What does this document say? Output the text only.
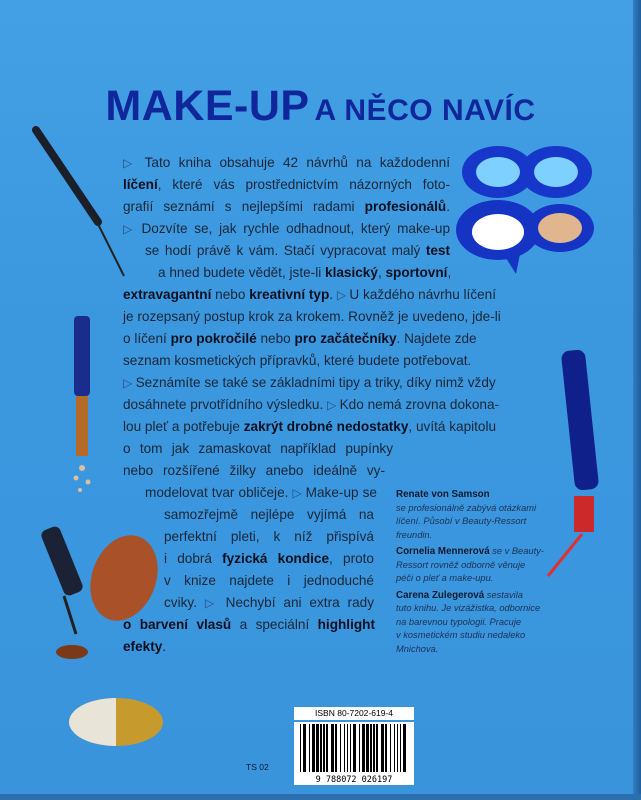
MAKE-UP A NĚCO NAVÍC
▷ Tato kniha obsahuje 42 návrhů na každodenní
líčení, které vás prostřednictvím názorných foto-
grafií seznámí s nejlepšími radami profesionálů.
▷ Dozvíte se, jak rychle odhadnout, který make-up
se hodí právě k vám. Stačí vypracovat malý test
a hned budete vědět, jste-li klasický, sportovní,
extravagantní nebo kreativní typ. ▷ U každého návrhu líčení
je rozepsaný postup krok za krokem. Rovněž je uvedeno, jde-li
o líčení pro pokročilé nebo pro začátečníky. Najdete zde
seznam kosmetických přípravků, které budete potřebovat.
▷ Seznámíte se také se základními tipy a triky, díky nimž vždy
dosáhnete prvotřídního výsledku. ▷ Kdo nemá zrovna dokona-
lou pleť a potřebuje zakrýt drobné nedostatky, uvítá kapitolu
o tom jak zamaskovat například pupínky
nebo rozšířené žilky anebo ideálně vy-
modelovat tvar obličeje. ▷ Make-up se
samozřejmě nejlépe vyjímá na
perfektní pleti, k níž přispívá
i dobrá fyzická kondice, proto
v knize najdete i jednoduché
cviky. ▷ Nechybí ani extra rady
o barvení vlasů a speciální highlight
efekty.
Renate von Samson
se profesionálně zabývá otázkami
líčení. Působí v Beauty-Ressort
freundin.
Cornelia Mennerová se v Beauty-
Ressort rovněž odborně věnuje
péči o pleť a make-upu.
Carena Zulegerová sestavila
tuto knihu. Je vizážistka, odbornice
na barevnou typologii. Pracuje
v kosmetickém studiu nedaleko
Mnichova.
ISBN 80-7202-619-4
9 788072 026197
TS 02
